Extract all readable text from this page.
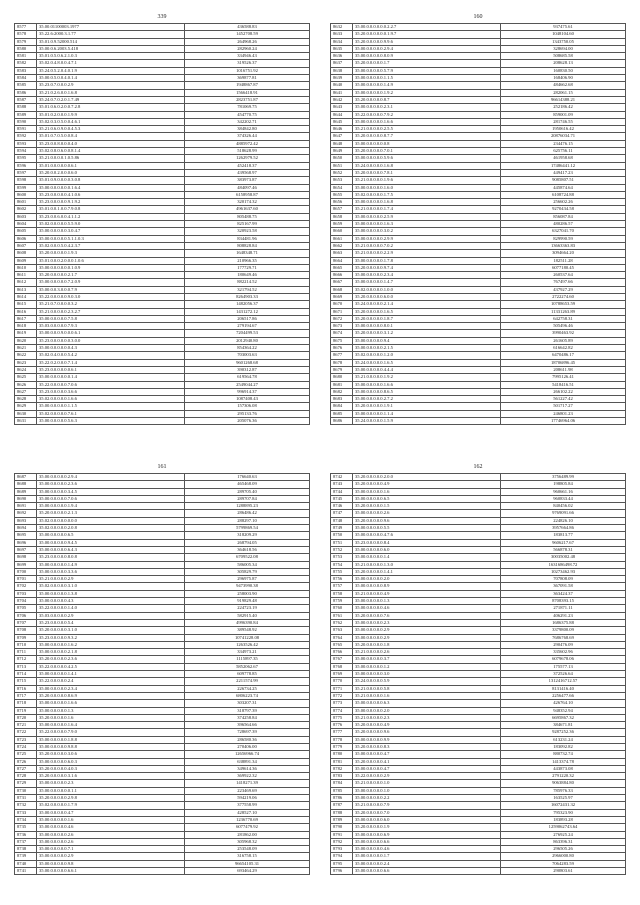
339
8577	35.00.01100003.1977	436588.83
8578	35.22.6:2000.3.1.77	1452708.59
8579	35.01.0.9.52000.514	264968.26
8580	35.00.0.6.2003.5.418	282960.24
8581	35.01.0.5.0.6.2.1.0.3	334946.43
8582	35.02.0.4.8.0.0.4.7.1	319526.37
8583	35.24.0.5.2.0.4.0.1.9	1016751.92
8584	35.00.0.5.0.0.4.0.1.4	369877.81
8585	35.23.0.7.0.0.0.2.9	1948867.87
8586	35.21.0.2.6.0.0.1.6.8	1566418.91
8587	35.24.0.7.0.2.0.1.7.49	2823751.87
8588	35.01.0.6.0.2.0.0.7.2.8	781069.75
8589	35.01.0.2.0.0.0.1.9.9	454770.75
8590	35.02.0.3.0.5.0.0.4.6.1	342202.71
8591	35.21.0.6.0.9.0.0.4.5.3	384842.80
8592	35.01.0.7.0.5.0.0.8.4	374326.44
8593	35.23.0.0.8.0.0.0.4.0	4885972.42
8594	35.02.0.8.0.6.0.0.8.1.4	518628.99
8595	35.21.0.0.0.0.1.0.5.86	1262979.52
8596	35.01.0.0.0.0.0.0.6.1	452418.37
8597	35.20.0.0.2.0.0.0.6.0	439568.97
8598	35.01.0.9.0.0.0.0.3.0.8	383973.87
8599	35.00.0.0.0.0.0.0.1.6.4	484097.46
8600	35.23.0.0.0.0.0.4.1.0.6	6158958.87
8601	35.23.0.0.0.0.0.9.1.9.2	320174.32
8602	35.01.0.0.1.0.0.7.9.0.8	4961637.60
8603	35.23.0.0.6.0.0.4.1.1.2	805488.75
8604	35.02.0.0.0.0.0.5.5.9.0	825167.99
8605	35.00.0.0.0.0.0.3.0.4.7	320923.58
8606	35.00.0.0.0.0.0.5.1.1.0.3	834481.96
8607	35.02.0.0.0.5.0.4.2.3.7	808828.84
8608	35.20.0.0.0.0.0.1.9.3	1648348.71
8609	35.01.0.0.0.2.0.0.0.1.0.6	210966.35
8610	35.00.0.0.0.0.0.0.1.0.9	177729.71
8611	35.20.0.0.0.0.0.2.1.7	180649.46
8612	35.00.0.0.0.0.0.7.2.0.9	882214.52
8613	35.00.0.0.3.0.0.0.7.9	321794.52
8614	35.22.0.0.0.0.0.9.0.3.0	8264903.33
8615	35.21.0.7.0.0.0.0.3.2	1482056.37
8616	35.21.0.0.0.0.0.2.3.2.7	1431272.12
8617	35.00.0.0.0.0.0.7.5.8	206517.86
8618	35.03.0.0.0.0.0.7.9.3	279194.67
8619	35.00.0.0.0.9.0.0.0.6.1	7204499.53
8620	35.23.0.0.0.0.0.0.3.0.0	2012940.80
8621	35.00.0.0.0.0.0.0.4.3	854364.22
8622	35.02.0.4.0.0.0.5.4.2	703003.63
8623	35.22.0.2.0.0.0.7.1.4	9601268.68
8624	35.23.0.0.0.0.0.0.6.1	390312.87
8625	35.00.0.0.0.0.0.0.1.4	619564.78
8626	35.22.0.0.0.0.0.7.0.6	2549044.27
8627	35.23.0.0.0.0.0.3.6.6	996914.37
8628	35.02.0.0.0.0.0.1.6.6	1087408.43
8629	35.00.0.0.0.0.0.1.1.5	157306.08
8630	35.02.0.0.0.0.0.7.6.1	295133.76
8631	35.00.0.0.0.0.0.5.6.3	205076.36
160
8632	35.00.0.0.0.0.0.0.2.2.7	937475.61
8633	35.20.0.0.0.0.0.0.1.9.7	1048104.60
8634	35.20.0.0.0.0.0.9.9.6	1343750.05
8635	35.00.0.0.0.0.0.2.9.4	328694.00
8636	35.00.0.0.0.0.0.8.0.9	508685.58
8637	35.20.0.0.0.0.0.1.7	208628.13
8638	35.00.0.0.0.0.0.5.7.9	160830.50
8639	35.00.0.0.0.0.0.1.1.5	168406.90
8640	35.00.0.0.0.0.0.1.4.9	484662.68
8641	35.00.0.0.0.0.0.1.9.2	282061.15
8642	35.20.0.0.0.0.0.8.7	96614388.21
8643	35.00.0.0.0.0.0.2.3.1	252186.42
8644	35.22.0.0.0.0.0.7.9.2	859001.09
8645	35.00.0.0.0.0.0.1.6.6	281746.55
8646	35.21.0.0.0.0.0.2.5.5	1950616.42
8647	35.20.0.0.0.0.0.8.7.7	20876034.71
8648	35.00.0.0.0.0.0.0.8	234476.15
8649	35.20.0.0.0.0.0.7.0.1	625756.11
8650	35.00.0.0.0.0.0.5.9.6	461958.68
8651	35.24.0.0.0.0.0.1.6.8	17486441.12
8652	35.20.0.0.0.0.0.7.8.1	449417.23
8653	35.21.0.0.0.0.0.1.9.6	9085807.51
8654	35.00.0.0.0.0.0.1.6.0	445874.64
8655	35.02.0.0.0.0.0.1.7.5	6108724.88
8656	35.00.0.0.0.0.0.1.6.8	256602.26
8657	35.21.0.0.0.0.0.1.7.4	9270434.58
8658	35.00.0.0.0.0.0.2.5.9	856087.84
8659	35.00.0.0.0.0.0.1.6.3	480286.57
8660	35.00.0.0.0.0.0.3.0.2	6327041.70
8661	35.00.0.0.0.0.0.2.9.9	829990.59
8662	35.21.0.0.0.0.0.7.0.2	13663363.83
8663	35.21.0.0.0.0.0.2.2.9	3094664.20
8664	35.00.0.0.0.0.0.1.7.8	182511.28
8665	35.20.0.0.0.0.0.9.7.4	6077180.45
8666	35.00.0.0.0.0.0.2.3.4	260537.64
8667	35.00.0.0.0.0.0.1.4.7	767497.66
8668	35.02.0.0.0.0.0.1.0.0	437927.29
8669	35.20.0.0.0.0.0.6.0.0	2722274.60
8670	35.24.0.0.0.0.0.2.1.4	10788653.59
8671	35.20.0.0.0.0.0.1.6.5	11331263.89
8672	35.20.0.0.0.0.0.1.8.7	642758.31
8673	35.00.0.0.0.0.0.8.0.1	505496.46
8674	35.20.0.0.0.0.0.3.1.2	3990463.92
8675	35.00.0.0.0.0.0.9.4	261605.89
8676	35.00.0.0.0.0.0.2.1.5	616642.82
8677	35.02.0.0.0.0.0.1.2.0	6470486.17
8678	35.24.0.0.0.0.0.1.6.5	18706896.45
8679	35.00.0.0.0.0.0.4.4.4	208611.98
8680	35.21.0.0.0.0.0.1.9.2	7995126.41
8681	35.00.0.0.0.0.0.1.6.6	5418416.51
8682	35.00.0.0.0.0.0.8.6.5	266102.22
8683	35.00.0.0.0.0.0.2.7.2	561227.42
8684	35.20.0.0.0.0.0.1.9.1	501717.27
8685	35.00.0.0.0.0.0.1.1.4	246801.23
8686	35.24.0.0.0.0.0.1.5.9	17746964.06
161
8687	35.00.0.0.0.0.0.2.9.4	176640.63
8688	35.00.0.0.0.0.0.2.3.6	465468.09
8689	35.00.0.0.0.0.0.3.4.5	289705.40
8690	35.00.0.0.0.0.0.7.0.6	289707.84
8691	35.00.0.0.0.0.0.1.9.4	1288895.23
8692	35.20.0.0.0.0.0.2.1.3	286486.42
8693	35.02.0.0.0.0.0.0.0.0	288297.10
8694	35.02.0.0.0.0.0.2.0.8	5799869.54
8695	35.00.0.0.0.0.0.6.5	318209.29
8696	35.00.0.0.0.0.0.9.4.5	268794.05
8697	35.00.0.0.0.0.0.6.4.3	364618.56
8698	35.23.0.0.0.0.0.8.0.8	6709522.08
8699	35.00.0.0.0.0.0.1.4.9	586005.34
8700	35.00.0.0.0.0.0.3.3.6	305829.79
8701	35.21.0.0.0.0.0.2.9	296975.87
8702	35.02.0.0.0.0.0.3.1.0	9473990.38
8703	35.00.0.0.0.0.0.1.3.8	258003.90
8704	35.00.0.0.0.0.0.4.3	919829.48
8705	35.22.0.0.0.0.0.1.4.0	224723.19
8706	35.03.0.0.0.0.0.2.9	582915.40
8707	35.23.0.0.0.0.0.5.4	4996390.84
8708	35.20.0.0.0.0.0.3.1.0	389548.92
8709	35.23.0.0.0.0.0.9.3.2	10741228.08
8710	35.00.0.0.0.0.0.1.6.2	1263526.42
8711	35.00.0.0.0.0.0.2.1.8	334973.21
8712	35.20.0.0.0.0.0.2.3.6	1115897.35
8713	35.22.0.0.0.0.0.4.2.5	5852062.67
8714	35.00.0.0.0.0.0.1.4.1	609778.85
8715	35.22.0.0.0.0.0.2.4	2211574.99
8716	35.00.0.0.0.0.0.2.3.4	226734.25
8717	35.20.0.0.0.0.0.8.6.9	6806223.74
8718	35.00.0.0.0.0.0.1.6.6	303207.31
8719	35.00.0.0.0.0.0.1.3	318797.39
8720	35.20.0.0.0.0.0.1.6	374258.84
8721	35.00.0.0.0.0.0.1.6.4	396564.66
8722	35.22.0.0.0.0.0.7.9.0	728697.39
8723	35.00.0.0.0.0.0.1.8.8	286580.36
8724	35.00.0.0.0.0.0.9.8.8	270406.00
8725	35.20.0.0.0.0.0.3.0.6	12656966.74
8726	35.00.0.0.0.0.0.6.0.3	638891.34
8727	35.20.0.0.0.0.0.4.0.3	349614.36
8728	35.20.0.0.0.0.0.3.1.6	369922.32
8729	35.00.0.0.0.0.0.2.3	1418271.39
8730	35.00.0.0.0.0.0.0.1.1	223469.69
8731	35.20.0.0.0.0.0.2.9.8	594219.06
8732	35.02.0.0.0.0.0.1.7.9	377558.99
8733	35.00.0.0.0.0.0.4.7	428527.10
8734	35.00.0.0.0.0.0.1.6	1236770.69
8735	35.00.0.0.0.0.0.4.6	6077479.92
8736	35.00.0.0.0.0.0.2.6	281862.00
8737	35.00.0.0.0.0.0.2.6	305968.32
8738	35.00.0.0.0.0.0.7.1	253548.09
8739	35.00.0.0.0.0.0.2.9	316758.15
8740	35.00.0.0.0.0.0.9.8	96654105.31
8741	35.00.0.0.0.0.0.6.6.1	693464.29
162
8742	35.20.0.0.0.0.0.2.0.0	3756489.99
8743	35.20.0.0.0.0.0.4.9	198805.84
8744	35.00.0.0.0.0.0.1.6	960661.16
8745	35.00.0.0.0.0.0.6.5	960833.44
8746	35.20.0.0.0.0.0.1.5	840456.02
8747	35.00.0.0.0.0.0.2.6	9769091.66
8748	35.20.0.0.0.0.0.9.6	224826.10
8749	35.00.0.0.0.0.0.5.5	3957664.86
8750	35.00.0.0.0.0.0.4.7.6	183813.77
8751	35.23.0.0.0.0.0.8.4	9606217.67
8752	35.00.0.0.0.0.0.6.0	566878.31
8753	35.00.0.0.0.0.0.1.4	30035002.48
8754	35.21.0.0.0.0.0.1.3.0	1631686498.72
8755	35.20.0.0.0.0.0.1.4.1	10273462.93
8756	35.00.0.0.0.0.0.2.0	707808.09
8757	35.00.0.0.0.0.0.8.9	367091.58
8758	35.21.0.0.0.0.0.4.9	363424.37
8759	35.00.0.0.0.0.0.1.3	8708393.15
8760	35.00.0.0.0.0.0.4.6	271871.11
8761	35.20.0.0.0.0.0.7.6	406291.23
8762	35.00.0.0.0.0.0.2.3	1686375.88
8763	35.00.0.0.0.0.0.2.9	3379800.09
8764	35.00.0.0.0.0.0.2.9	7686768.69
8765	35.20.0.0.0.0.0.1.8	290476.09
8766	35.21.0.0.0.0.0.2.6	335602.96
8767	35.00.0.0.0.0.0.3.7	6079678.06
8768	35.00.0.0.0.0.0.1.2	175577.13
8769	35.00.0.0.0.0.0.3.0	372526.64
8770	35.24.0.0.0.0.0.5.9	1312416712.57
8771	35.21.0.0.0.0.0.5.8	8131416.40
8772	35.21.0.0.0.0.0.1.6	2256477.66
8773	35.00.0.0.0.0.0.6.3	426764.10
8774	35.00.0.0.0.0.0.2.0	948352.94
8775	35.21.0.0.0.0.0.2.3	6695867.32
8776	35.20.0.0.0.0.0.4.9	384671.81
8777	35.20.0.0.0.0.0.9.6	9287252.36
8778	35.00.0.0.0.0.0.9.9	613231.24
8779	35.20.0.0.0.0.0.8.3	183092.82
8780	35.00.0.0.0.0.0.4.7	880732.74
8781	35.20.0.0.0.0.0.4.1	1413374.78
8782	35.00.0.0.0.0.0.4.7	443873.08
8783	35.22.0.0.0.0.0.2.9	2791220.32
8784	35.21.0.0.0.0.0.1.0	9063884.80
8785	35.00.0.0.0.0.0.1.0	785976.33
8786	35.00.0.0.0.0.0.2.2	163525.97
8787	35.21.0.0.0.0.0.7.9	16072431.32
8788	35.20.0.0.0.0.0.7.0	795323.90
8789	35.00.0.0.0.0.0.6.0	183893.28
8790	35.20.0.0.0.0.0.1.9	1259062743.64
8791	35.00.0.0.0.0.0.6.9	276925.24
8792	35.00.0.0.0.0.0.6.6	863396.31
8793	35.00.0.0.0.0.0.4.6	296505.26
8794	35.00.0.0.0.0.0.1.7	2966000.80
8795	35.00.0.0.0.0.0.2.4	7064283.59
8796	35.00.0.0.0.0.0.6.6	290803.61
